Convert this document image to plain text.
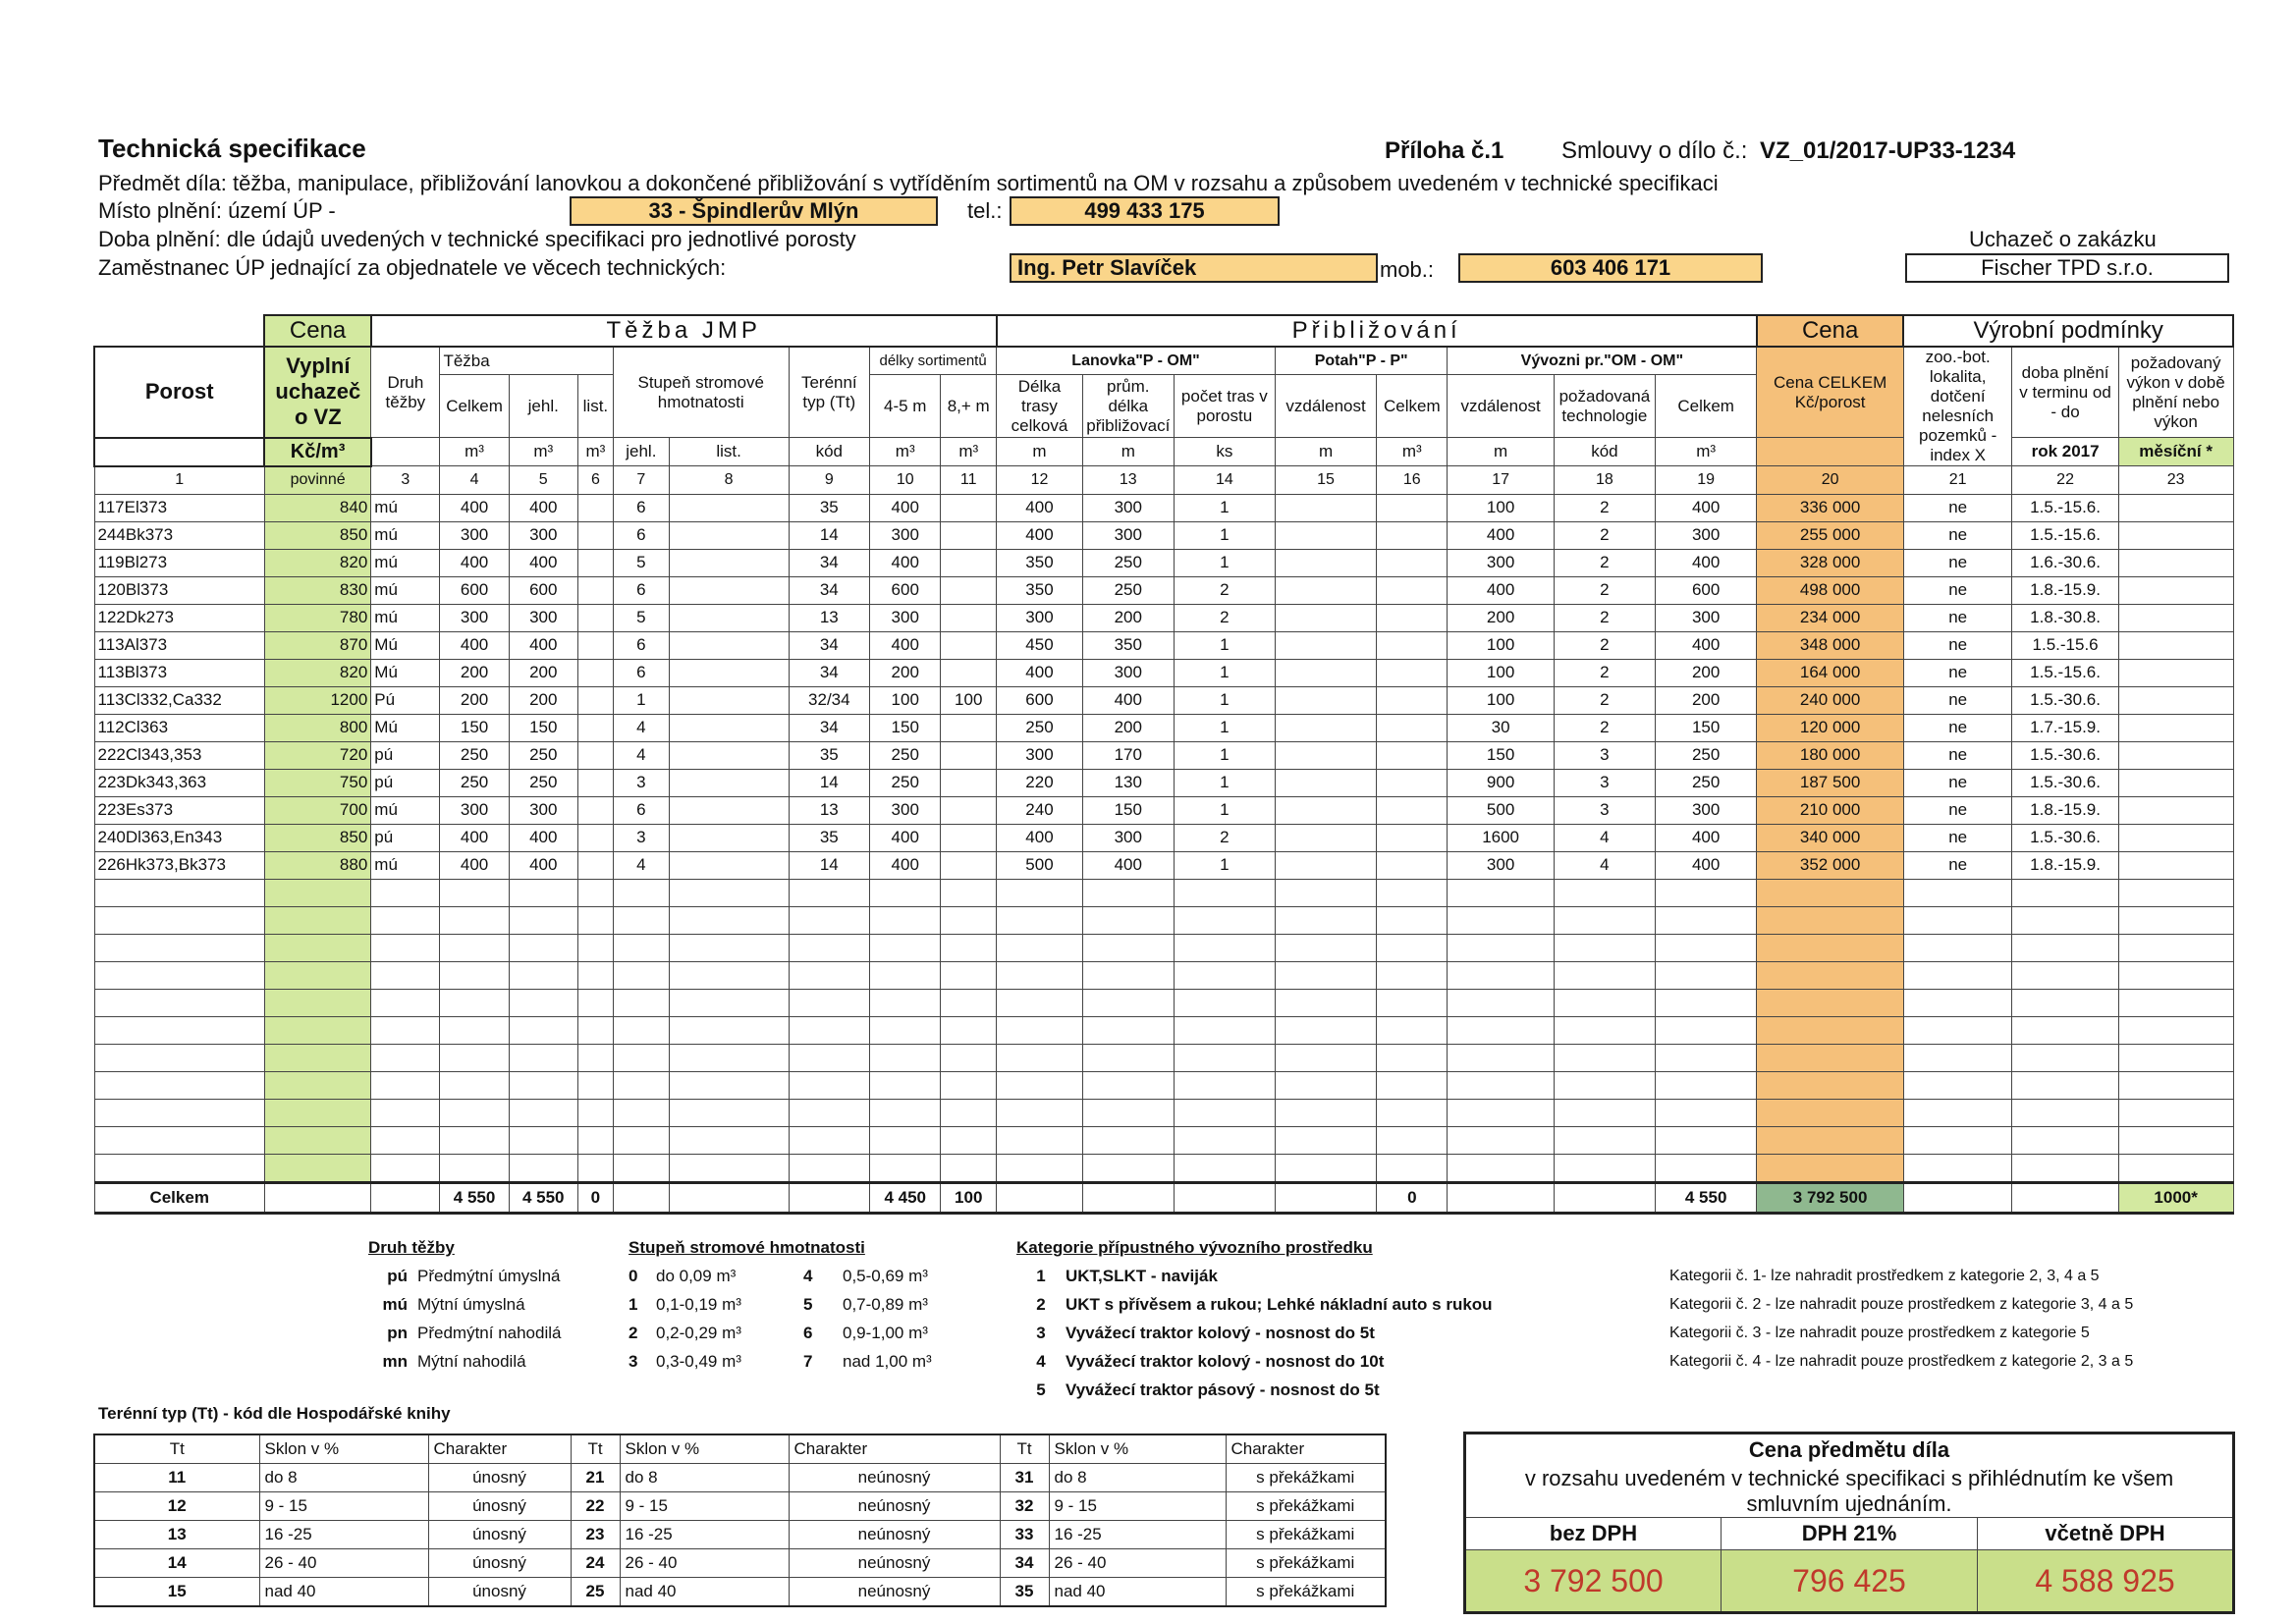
Technická specifikace	Příloha č.1 Smlouvy o dílo č.: VZ_01/2017-UP33-1234
Předmět díla: těžba, manipulace, přibližování lanovkou a dokončené přibližování s vytříděním sortimentů na OM v rozsahu a způsobem uvedeném v technické specifikaci
Místo plnění: území ÚP -	33 - Špindlerův Mlýn	tel.:	499 433 175
Doba plnění: dle údajů uvedených v technické specifikaci pro jednotlivé porosty	Uchazeč o zakázku
Zaměstnanec ÚP jednající za objednatele ve věcech technických:	Ing. Petr Slavíček	mob.:	603 406 171	Fischer TPD s.r.o.
	Cena	Těžba JMP									Přibližování								Cena	Výrobní podmínky		
Porost	Vyplní uchazeč o VZ	Druh těžby	Těžba			Stupeň stromové hmotnatosti		Terénní typ (Tt)	délky sortimentů		Lanovka"P - OM"			Potah"P - P"		Vývozni pr."OM - OM"			Cena CELKEM Kč/porost	zoo.-bot. lokalita, dotčení nelesních pozemků - index X	doba plnění v terminu od - do	požadovaný výkon v době plnění nebo výkon
			Celkem	jehl.	list.				4-5 m	8,+ m	Délka trasy celková	prům. délka přibližovací	počet tras v porostu	vzdálenost	Celkem	vzdálenost	požadovaná technologie	Celkem				

	Kč/m³		m³	m³	m³	jehl.	list.	kód	m³	m³	m	m	ks	m	m³	m	kód	m³			rok 2017	měsíční *
1	povinné	3	4	5	6	7	8	9	10	11	12	13	14	15	16	17	18	19	20	21	22	23
117El373	840	mú	400	400		6		35	400		400	300	1			100	2	400	336 000	ne	1.5.-15.6.	
244Bk373	850	mú	300	300		6		14	300		400	300	1			400	2	300	255 000	ne	1.5.-15.6.	
119Bl273	820	mú	400	400		5		34	400		350	250	1			300	2	400	328 000	ne	1.6.-30.6.	
120Bl373	830	mú	600	600		6		34	600		350	250	2			400	2	600	498 000	ne	1.8.-15.9.	
122Dk273	780	mú	300	300		5		13	300		300	200	2			200	2	300	234 000	ne	1.8.-30.8.	
113Al373	870	Mú	400	400		6		34	400		450	350	1			100	2	400	348 000	ne	1.5.-15.6	
113Bl373	820	Mú	200	200		6		34	200		400	300	1			100	2	200	164 000	ne	1.5.-15.6.	
113Cl332,Ca332	1200	Pú	200	200		1		32/34	100	100	600	400	1			100	2	200	240 000	ne	1.5.-30.6.	
112Cl363	800	Mú	150	150		4		34	150		250	200	1			30	2	150	120 000	ne	1.7.-15.9.	
222Cl343,353	720	pú	250	250		4		35	250		300	170	1			150	3	250	180 000	ne	1.5.-30.6.	
223Dk343,363	750	pú	250	250		3		14	250		220	130	1			900	3	250	187 500	ne	1.5.-30.6.	
223Es373	700	mú	300	300		6		13	300		240	150	1			500	3	300	210 000	ne	1.8.-15.9.	
240Dl363,En343	850	pú	400	400		3		35	400		400	300	2			1600	4	400	340 000	ne	1.5.-30.6.	
226Hk373,Bk373	880	mú	400	400		4		14	400		500	400	1			300	4	400	352 000	ne	1.8.-15.9.	

Celkem			4 550	4 550	0				4 450	100					0			4 550	3 792 500			1000*
Druh těžby
pú Předmýtní úmyslná
mú Mýtní úmyslná
pn Předmýtní nahodilá
mn Mýtní nahodilá
Stupeň stromové hmotnatosti
0 do 0,09 m³	4 0,5-0,69 m³
1 0,1-0,19 m³	5 0,7-0,89 m³
2 0,2-0,29 m³	6 0,9-1,00 m³
3 0,3-0,49 m³	7 nad 1,00 m³
Kategorie přípustného vývozního prostředku
1 UKT,SLKT - naviják
2 UKT s přívěsem a rukou; Lehké nákladní auto s rukou
3 Vyvážecí traktor kolový - nosnost do 5t
4 Vyvážecí traktor kolový - nosnost do 10t
5 Vyvážecí traktor pásový - nosnost do 5t
Kategorii č. 1- lze nahradit prostředkem z kategorie 2, 3, 4 a 5
Kategorii č. 2 - lze nahradit pouze prostředkem z kategorie 3, 4 a 5
Kategorii č. 3 - lze nahradit pouze prostředkem z kategorie 5
Kategorii č. 4 - lze nahradit pouze prostředkem z kategorie 2, 3 a 5
Terénní typ (Tt) - kód dle Hospodářské knihy
Tt	Sklon v %	Charakter	Tt	Sklon v %	Charakter	Tt	Sklon v %	Charakter
11	do 8	únosný	21	do 8	neúnosný	31	do 8	s překážkami
12	9 - 15	únosný	22	9 - 15	neúnosný	32	9 - 15	s překážkami
13	16 -25	únosný	23	16 -25	neúnosný	33	16 -25	s překážkami
14	26 - 40	únosný	24	26 - 40	neúnosný	34	26 - 40	s překážkami
15	nad 40	únosný	25	nad 40	neúnosný	35	nad 40	s překážkami
Cena předmětu díla		
v rozsahu uvedeném v technické specifikaci s přihlédnutím ke všem smluvním ujednáním.		
bez DPH	DPH 21%	včetně DPH
3 792 500	796 425	4 588 925
